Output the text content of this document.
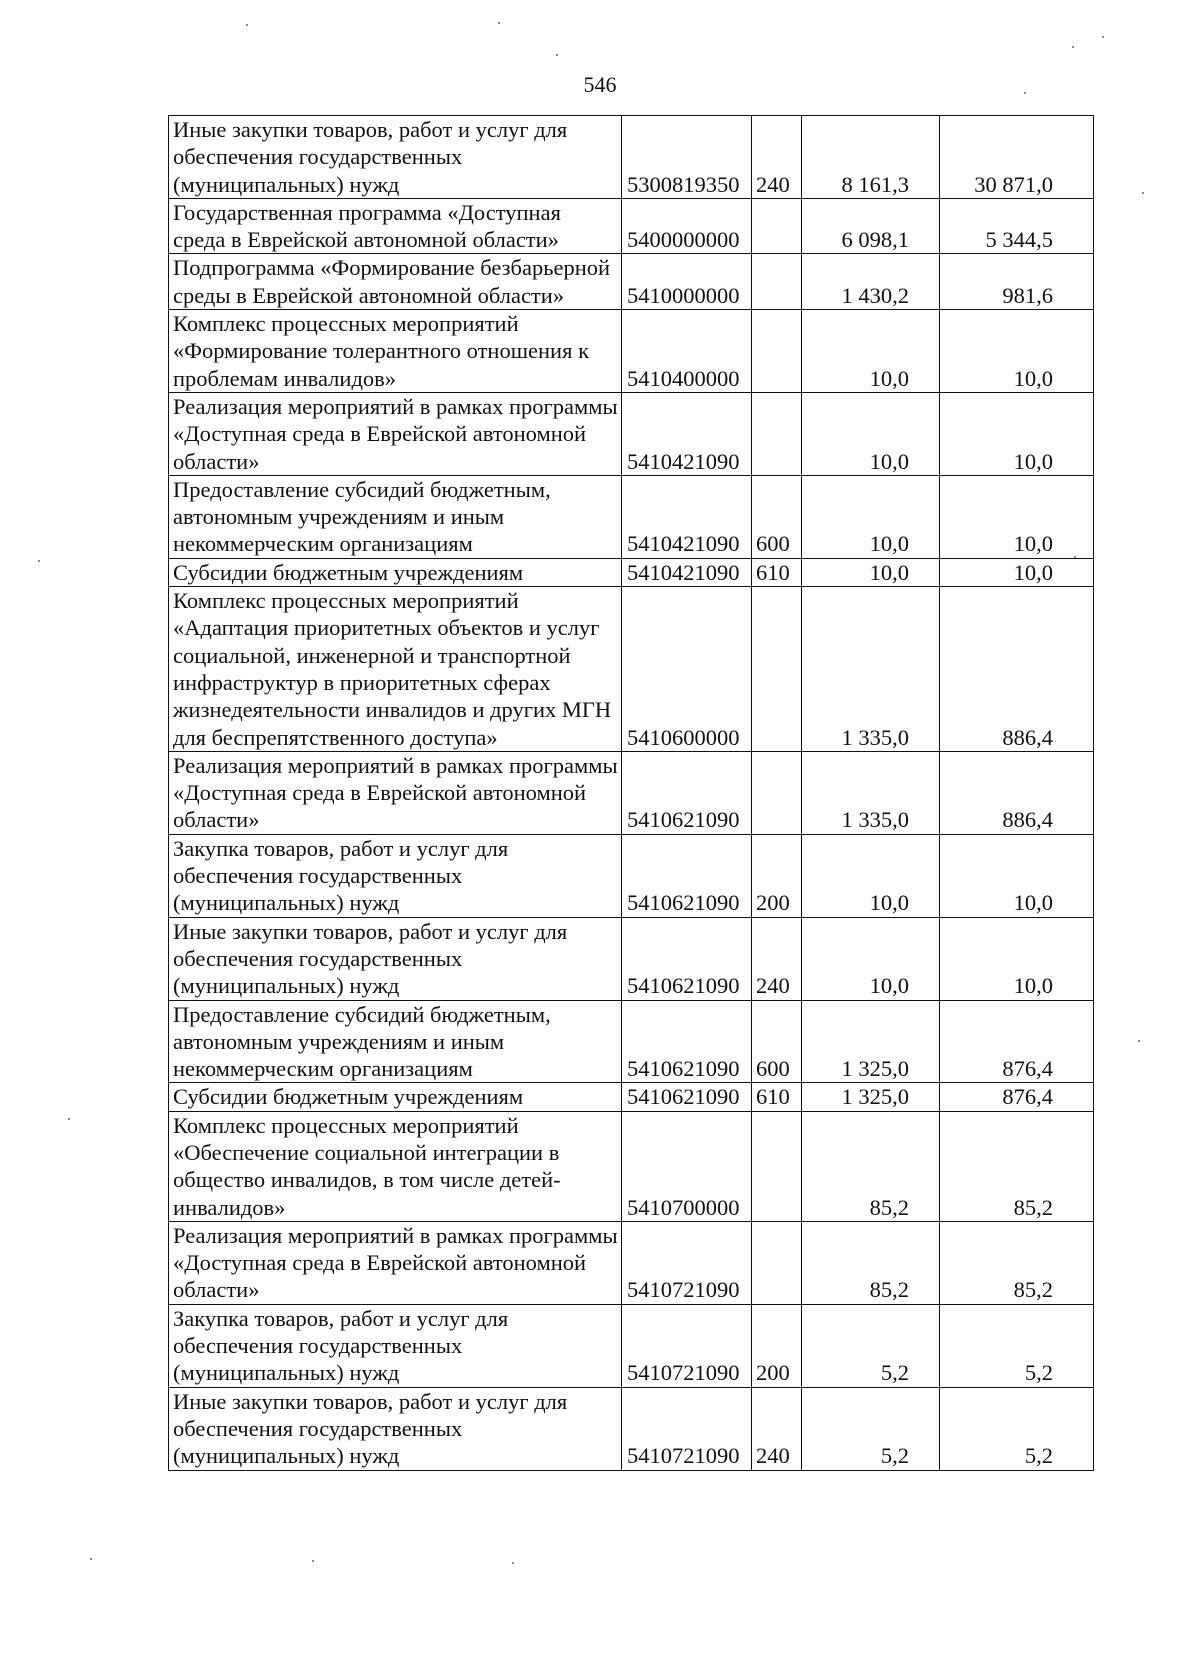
546
Иные закупки товаров, работ и услуг для обеспечения государственных (муниципальных) нужд	5300819350	240	8 161,3	30 871,0
Государственная программа «Доступная среда в Еврейской автономной области»	5400000000		6 098,1	5 344,5
Подпрограмма «Формирование безбарьерной среды в Еврейской автономной области»	5410000000		1 430,2	981,6
Комплекс процессных мероприятий «Формирование толерантного отношения к проблемам инвалидов»	5410400000		10,0	10,0
Реализация мероприятий в рамках программы «Доступная среда в Еврейской автономной области»	5410421090		10,0	10,0
Предоставление субсидий бюджетным, автономным учреждениям и иным некоммерческим организациям	5410421090	600	10,0	10,0
Субсидии бюджетным учреждениям	5410421090	610	10,0	10,0
Комплекс процессных мероприятий «Адаптация приоритетных объектов и услуг социальной, инженерной и транспортной инфраструктур в приоритетных сферах жизнедеятельности инвалидов и других МГН для беспрепятственного доступа»	5410600000		1 335,0	886,4
Реализация мероприятий в рамках программы «Доступная среда в Еврейской автономной области»	5410621090		1 335,0	886,4
Закупка товаров, работ и услуг для обеспечения государственных (муниципальных) нужд	5410621090	200	10,0	10,0
Иные закупки товаров, работ и услуг для обеспечения государственных (муниципальных) нужд	5410621090	240	10,0	10,0
Предоставление субсидий бюджетным, автономным учреждениям и иным некоммерческим организациям	5410621090	600	1 325,0	876,4
Субсидии бюджетным учреждениям	5410621090	610	1 325,0	876,4
Комплекс процессных мероприятий «Обеспечение социальной интеграции в общество инвалидов, в том числе детей-инвалидов»	5410700000		85,2	85,2
Реализация мероприятий в рамках программы «Доступная среда в Еврейской автономной области»	5410721090		85,2	85,2
Закупка товаров, работ и услуг для обеспечения государственных (муниципальных) нужд	5410721090	200	5,2	5,2
Иные закупки товаров, работ и услуг для обеспечения государственных (муниципальных) нужд	5410721090	240	5,2	5,2
